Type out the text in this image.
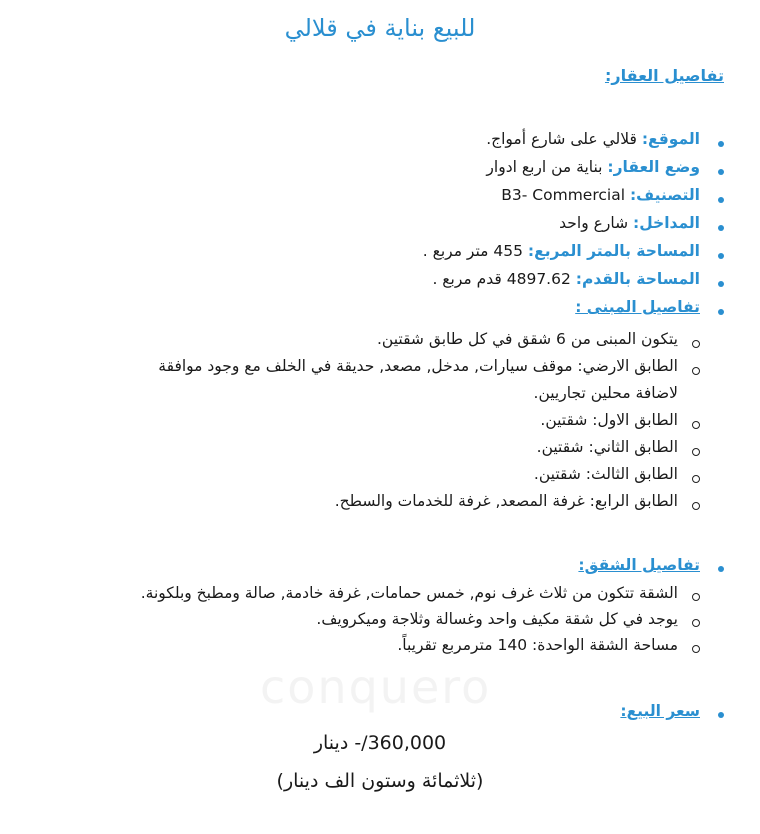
conquero
للبيع بناية في قلالي
تفاصيل العقار:
الموقع: قلالي على شارع أمواج.
وضع العقار: بناية من اربع ادوار
التصنيف: B3- Commercial
المداخل: شارع واحد
المساحة بالمتر المربع: 455 متر مربع .
المساحة بالقدم: 4897.62 قدم مربع .
تفاصيل المبنى :
يتكون المبنى من 6 شقق في كل طابق شقتين.
الطابق الارضي: موقف سيارات, مدخل, مصعد, حديقة في الخلف مع وجود موافقة
لاضافة محلين تجاريين.
الطابق الاول: شقتين.
الطابق الثاني: شقتين.
الطابق الثالث: شقتين.
الطابق الرابع: غرفة المصعد, غرفة للخدمات والسطح.
تفاصيل الشقق:
الشقة تتكون من ثلاث غرف نوم, خمس حمامات, غرفة خادمة, صالة ومطبخ وبلكونة.
يوجد في كل شقة مكيف واحد وغسالة وثلاجة وميكرويف.
مساحة الشقة الواحدة: 140 مترمربع تقريباً.
سعر البيع:
360,000/- دينار
(ثلاثمائة وستون الف دينار)
